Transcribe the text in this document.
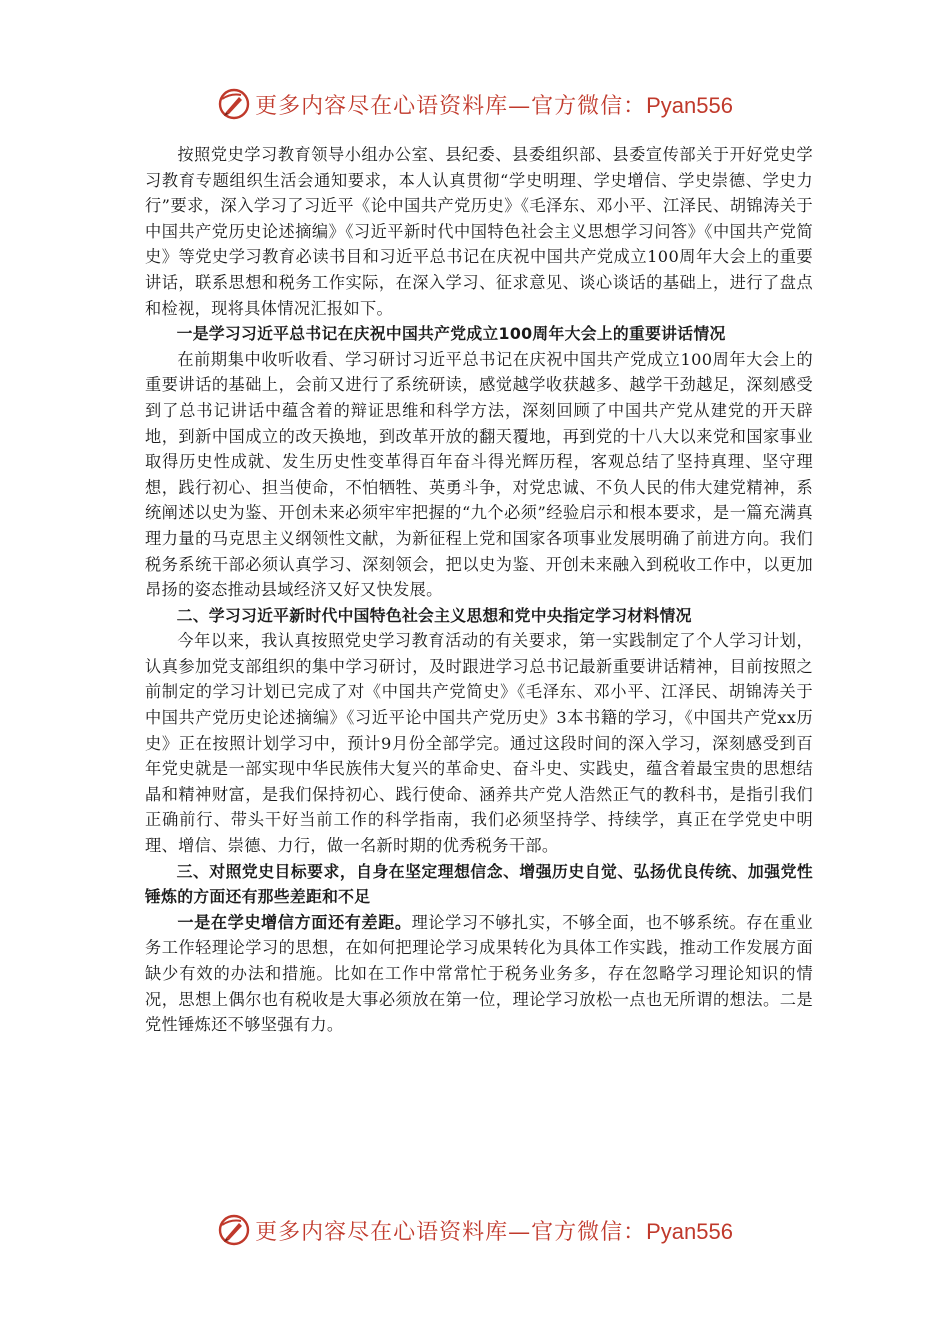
更多内容尽在心语资料库—官方微信：Pyan556

按照党史学习教育领导小组办公室、县纪委、县委组织部、县委宣传部关于开好党史学习教育专题组织生活会通知要求，本人认真贯彻“学史明理、学史增信、学史崇德、学史力行”要求，深入学习了习近平《论中国共产党历史》《毛泽东、邓小平、江泽民、胡锦涛关于中国共产党历史论述摘编》《习近平新时代中国特色社会主义思想学习问答》《中国共产党简史》等党史学习教育必读书目和习近平总书记在庆祝中国共产党成立100周年大会上的重要讲话，联系思想和税务工作实际，在深入学习、征求意见、谈心谈话的基础上，进行了盘点和检视，现将具体情况汇报如下。

一是学习习近平总书记在庆祝中国共产党成立100周年大会上的重要讲话情况

在前期集中收听收看、学习研讨习近平总书记在庆祝中国共产党成立100周年大会上的重要讲话的基础上，会前又进行了系统研读，感觉越学收获越多、越学干劲越足，深刻感受到了总书记讲话中蕴含着的辩证思维和科学方法，深刻回顾了中国共产党从建党的开天辟地，到新中国成立的改天换地，到改革开放的翻天覆地，再到党的十八大以来党和国家事业取得历史性成就、发生历史性变革得百年奋斗得光辉历程，客观总结了坚持真理、坚守理想，践行初心、担当使命，不怕牺牲、英勇斗争，对党忠诚、不负人民的伟大建党精神，系统阐述以史为鉴、开创未来必须牢牢把握的“九个必须”经验启示和根本要求，是一篇充满真理力量的马克思主义纲领性文献，为新征程上党和国家各项事业发展明确了前进方向。我们税务系统干部必须认真学习、深刻领会，把以史为鉴、开创未来融入到税收工作中，以更加昂扬的姿态推动县域经济又好又快发展。

二、学习习近平新时代中国特色社会主义思想和党中央指定学习材料情况

今年以来，我认真按照党史学习教育活动的有关要求，第一实践制定了个人学习计划，认真参加党支部组织的集中学习研讨，及时跟进学习总书记最新重要讲话精神，目前按照之前制定的学习计划已完成了对《中国共产党简史》《毛泽东、邓小平、江泽民、胡锦涛关于中国共产党历史论述摘编》《习近平论中国共产党历史》3本书籍的学习，《中国共产党xx历史》正在按照计划学习中，预计9月份全部学完。通过这段时间的深入学习，深刻感受到百年党史就是一部实现中华民族伟大复兴的革命史、奋斗史、实践史，蕴含着最宝贵的思想结晶和精神财富，是我们保持初心、践行使命、涵养共产党人浩然正气的教科书，是指引我们正确前行、带头干好当前工作的科学指南，我们必须坚持学、持续学，真正在学党史中明理、增信、崇德、力行，做一名新时期的优秀税务干部。

三、对照党史目标要求，自身在坚定理想信念、增强历史自觉、弘扬优良传统、加强党性锤炼的方面还有那些差距和不足

一是在学史增信方面还有差距。理论学习不够扎实，不够全面，也不够系统。存在重业务工作轻理论学习的思想，在如何把理论学习成果转化为具体工作实践，推动工作发展方面缺少有效的办法和措施。比如在工作中常常忙于税务业务多，存在忽略学习理论知识的情况，思想上偶尔也有税收是大事必须放在第一位，理论学习放松一点也无所谓的想法。二是党性锤炼还不够坚强有力。

更多内容尽在心语资料库—官方微信：Pyan556
